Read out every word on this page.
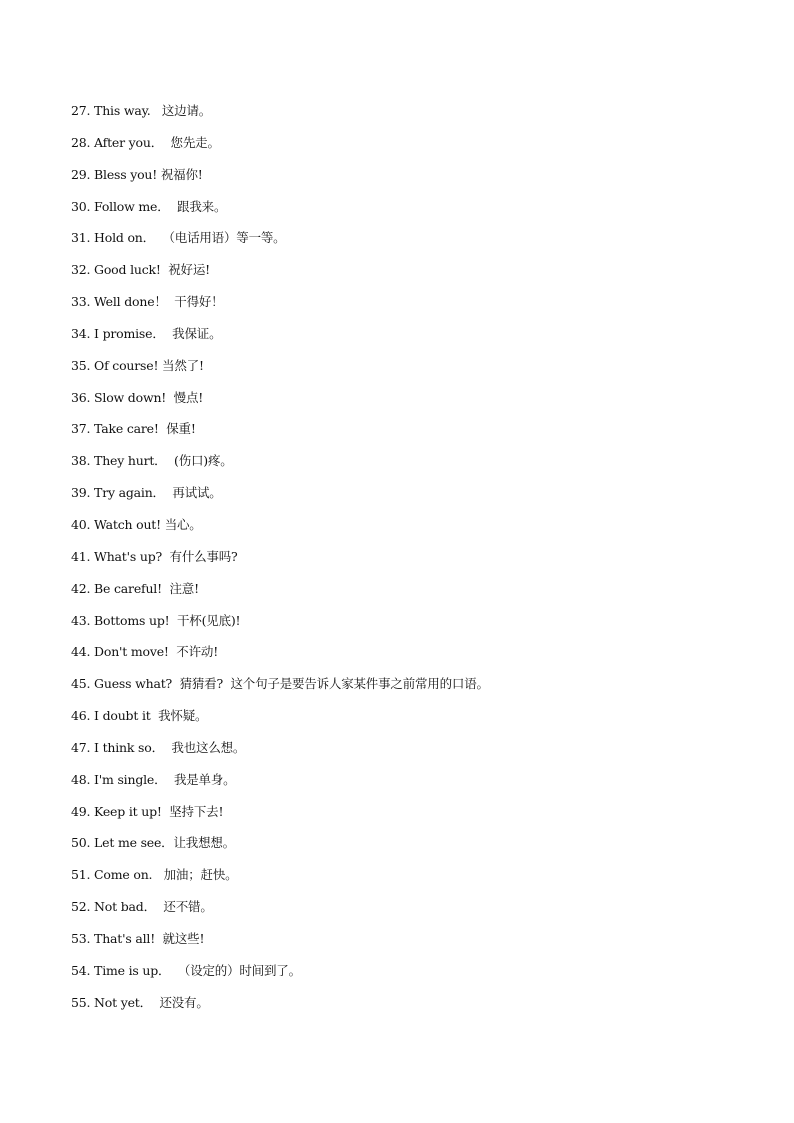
27. This way.   这边请。
28. After you．  您先走。
29. Bless you! 祝福你!
30. Follow me．  跟我来。
31. Hold on．  （电话用语）等一等。
32. Good luck!  祝好运!
33. Well done！  干得好！
34. I promise．  我保证。
35. Of course! 当然了!
36. Slow down!  慢点!
37. Take care!  保重!
38. They hurt．  (伤口)疼。
39. Try again．  再试试。
40. Watch out! 当心。
41. What's up?  有什么事吗?
42. Be careful!  注意!
43. Bottoms up!  干杯(见底)!
44. Don't move!  不许动!
45. Guess what?  猜猜看?  这个句子是要告诉人家某件事之前常用的口语。
46. I doubt it  我怀疑。
47. I think so．  我也这么想。
48. I'm single．  我是单身。
49. Keep it up!  坚持下去!
50. Let me see．让我想想。
51. Come on.   加油；赶快。
52. Not bad．  还不错。
53. That's all!  就这些!
54. Time is up．  （设定的）时间到了。
55. Not yet．  还没有。
